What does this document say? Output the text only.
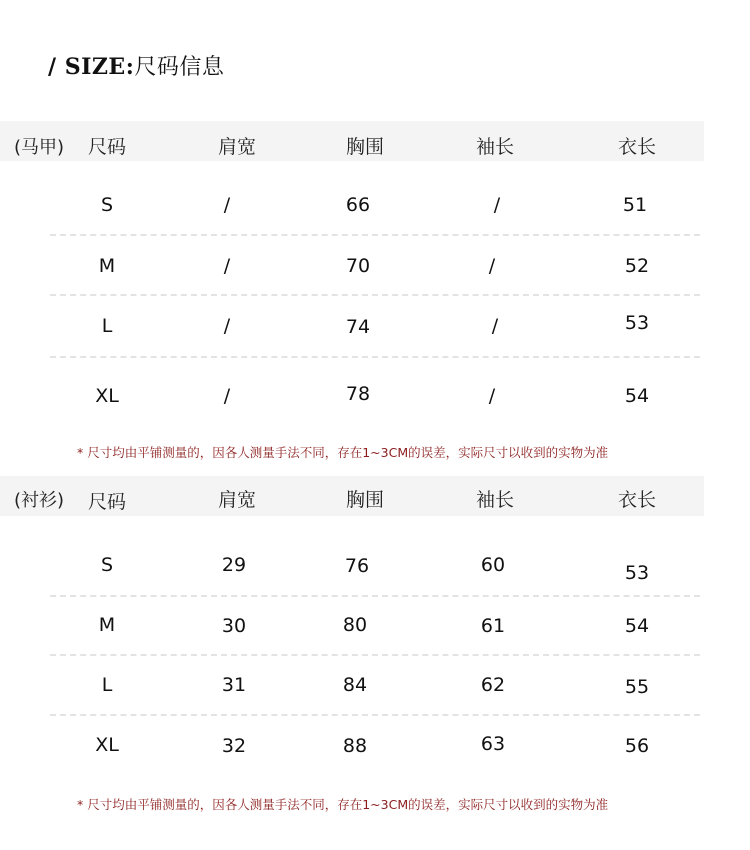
/ SIZE:尺码信息
(马甲)	尺码	肩宽	胸围	袖长	衣长
S	/	66	/	51
M	/	70	/	52
L	/	74	/	53
XL	/	78	/	54
* 尺寸均由平铺测量的，因各人测量手法不同，存在1~3CM的误差，实际尺寸以收到的实物为准
(衬衫)	尺码	肩宽	胸围	袖长	衣长
S	29	76	60	53
M	30	80	61	54
L	31	84	62	55
XL	32	88	63	56
* 尺寸均由平铺测量的，因各人测量手法不同，存在1~3CM的误差，实际尺寸以收到的实物为准
